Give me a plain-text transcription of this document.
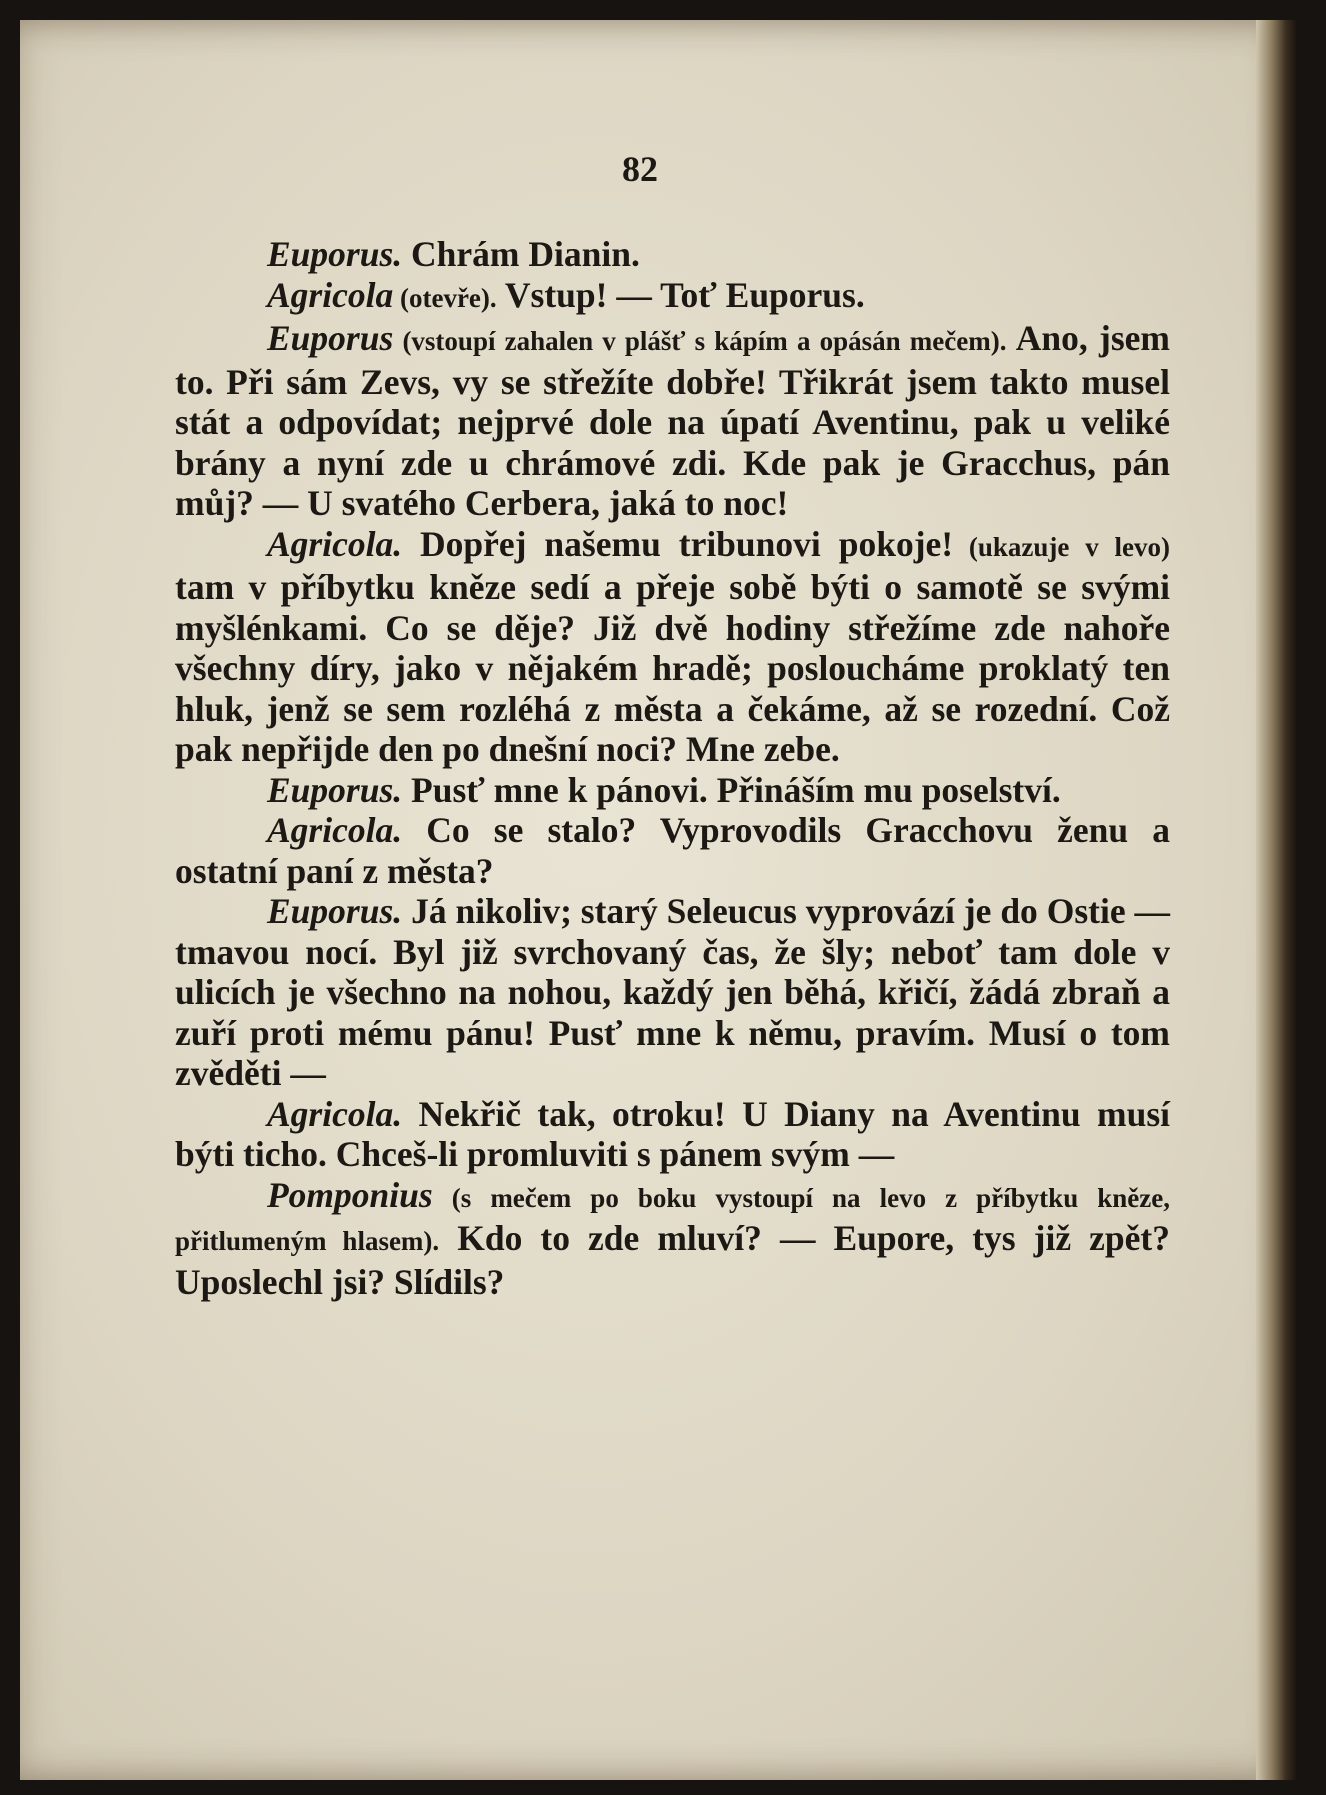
82

Euporus. Chrám Dianin.

Agricola (otevře). Vstup! — Toť Euporus.

Euporus (vstoupí zahalen v plášť s kápím a opásán mečem). Ano, jsem to. Při sám Zevs, vy se střežíte dobře! Třikrát jsem takto musel stát a odpovídat; nejprvé dole na úpatí Aventinu, pak u veliké brány a nyní zde u chrámové zdi. Kde pak je Gracchus, pán můj? — U svatého Cerbera, jaká to noc!

Agricola. Dopřej našemu tribunovi pokoje! (ukazuje v levo) tam v příbytku kněze sedí a přeje sobě býti o samotě se svými myšlénkami. Co se děje? Již dvě hodiny střežíme zde nahoře všechny díry, jako v nějakém hradě; posloucháme proklatý ten hluk, jenž se sem rozléhá z města a čekáme, až se rozední. Což pak nepřijde den po dnešní noci? Mne zebe.

Euporus. Pusť mne k pánovi. Přináším mu poselství.

Agricola. Co se stalo? Vyprovodils Gracchovu ženu a ostatní paní z města?

Euporus. Já nikoliv; starý Seleucus vyprovází je do Ostie — tmavou nocí. Byl již svrchovaný čas, že šly; neboť tam dole v ulicích je všechno na nohou, každý jen běhá, křičí, žádá zbraň a zuří proti mému pánu! Pusť mne k němu, pravím. Musí o tom zvěděti —

Agricola. Nekřič tak, otroku! U Diany na Aventinu musí býti ticho. Chceš-li promluviti s pánem svým —

Pomponius (s mečem po boku vystoupí na levo z příbytku kněze, přitlumeným hlasem). Kdo to zde mluví? — Eupore, tys již zpět? Uposlechl jsi? Slídils?
